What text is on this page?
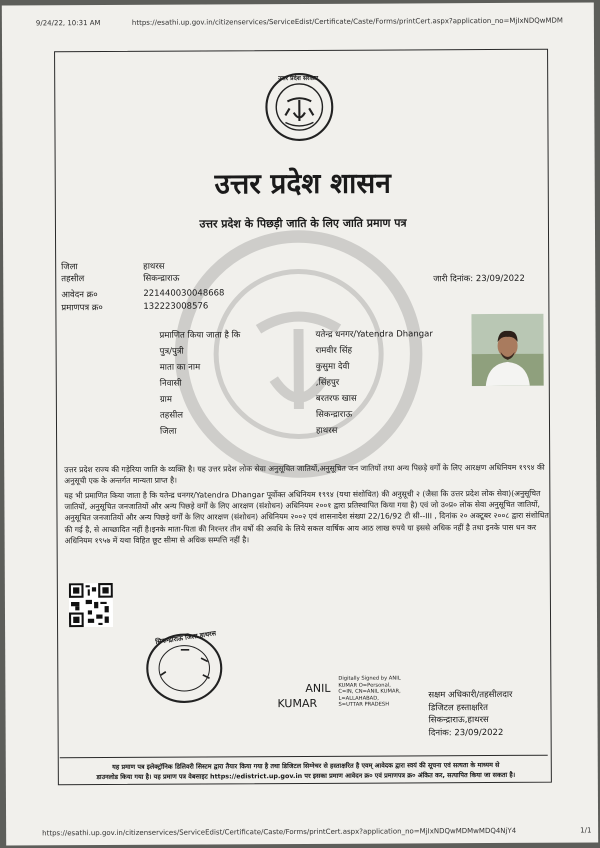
9/24/22, 10:31 AM	https://esathi.up.gov.in/citizenservices/ServiceEdist/Certificate/Caste/Forms/printCert.aspx?application_no=MjIxNDQwMDM
उत्तर प्रदेश सरकार
उत्तर प्रदेश शासन
उत्तर प्रदेश के पिछड़ी जाति के लिए जाति प्रमाण पत्र
जिला	हाथरस
तहसील	सिकन्द्राराऊ
आवेदन क्र०	221440030048668
प्रमाणपत्र क्र०	132223008576
जारी दिनांक: 23/09/2022
प्रमाणित किया जाता है कि	यतेन्द्र धनगर/Yatendra Dhangar
पुत्र/पुत्री	रामवीर सिंह
माता का नाम	कुसुमा देवी
निवासी	,सिंहपुर
ग्राम	बरतरफ खास
तहसील	सिकन्द्राराऊ
जिला	हाथरस
उत्तर प्रदेश राज्य की गड़ेरिया जाति के व्यक्ति है। यह उत्तर प्रदेश लोक सेवा अनुसूचित जातियों,अनुसूचित जन जातियों तथा अन्य पिछड़े वर्गों के लिए आरक्षण अधिनियम १९९४ की अनुसूची एक के अन्तर्गत मान्यता प्राप्त है।
यह भी प्रमाणित किया जाता है कि यतेन्द्र धनगर/Yatendra Dhangar पूर्वोक्त अधिनियम १९९४ (यथा संशोधित) की अनुसूची २ (जैसा कि उत्तर प्रदेश लोक सेवा)(अनुसूचित जातियों, अनुसूचित जनजातियों और अन्य पिछड़े वर्गों के लिए आरक्षण (संशोधन) अधिनियम २००१ द्वारा प्रतिस्थापित किया गया है) एवं जो उ०प्र० लोक सेवा अनुसूचित जातियों, अनुसूचित जनजातियों और अन्य पिछड़े वर्गों के लिए आरक्षण (संशोधन) अधिनियम २००२ एवं शासनादेश संख्या 22/16/92 टी सी--III , दिनांक २० अक्टूबर २००८ द्वारा संशोधित की गई है, से आच्छादित नहीं है।इनके माता-पिता की निरन्तर तीन वर्षो की अवधि के लिये सकल वार्षिक आय आठ लाख रुपये या इससे अधिक नहीं है तथा इनके पास धन कर अधिनियम १९५७ में यथा विहित छूट सीमा से अधिक सम्पत्ति नहीं है।
सिकन्द्राराऊ जिला हाथरस
ANIL
KUMAR
Digitally Signed by ANIL
KUMAR O=Personal,
C=IN, CN=ANIL KUMAR,
L=ALLAHABAD,
S=UTTAR PRADESH
सक्षम अधिकारी/तहसीलदार
डिजिटल हस्ताक्षरित
सिकन्द्राराऊ,हाथरस
दिनांक: 23/09/2022
यह प्रमाण पत्र इलेक्ट्रॉनिक डिलिवरी सिस्टम द्वारा तैयार किया गया है तथा डिजिटल सिग्नेचर से हस्ताक्षरित है एवम् आवेदक द्वारा स्वयं की सूचना एवं सत्यता के माध्यम से
डाउनलोड किया गया है। यह प्रमाण पत्र वेबसाइट https://edistrict.up.gov.in पर इसका प्रमाण आवेदन क्र० एवं प्रमाणपत्र क्र० अंकित कर, सत्यापित किया जा सकता है।
https://esathi.up.gov.in/citizenservices/ServiceEdist/Certificate/Caste/Forms/printCert.aspx?application_no=MjIxNDQwMDMwMDQ4NjY4	1/1
